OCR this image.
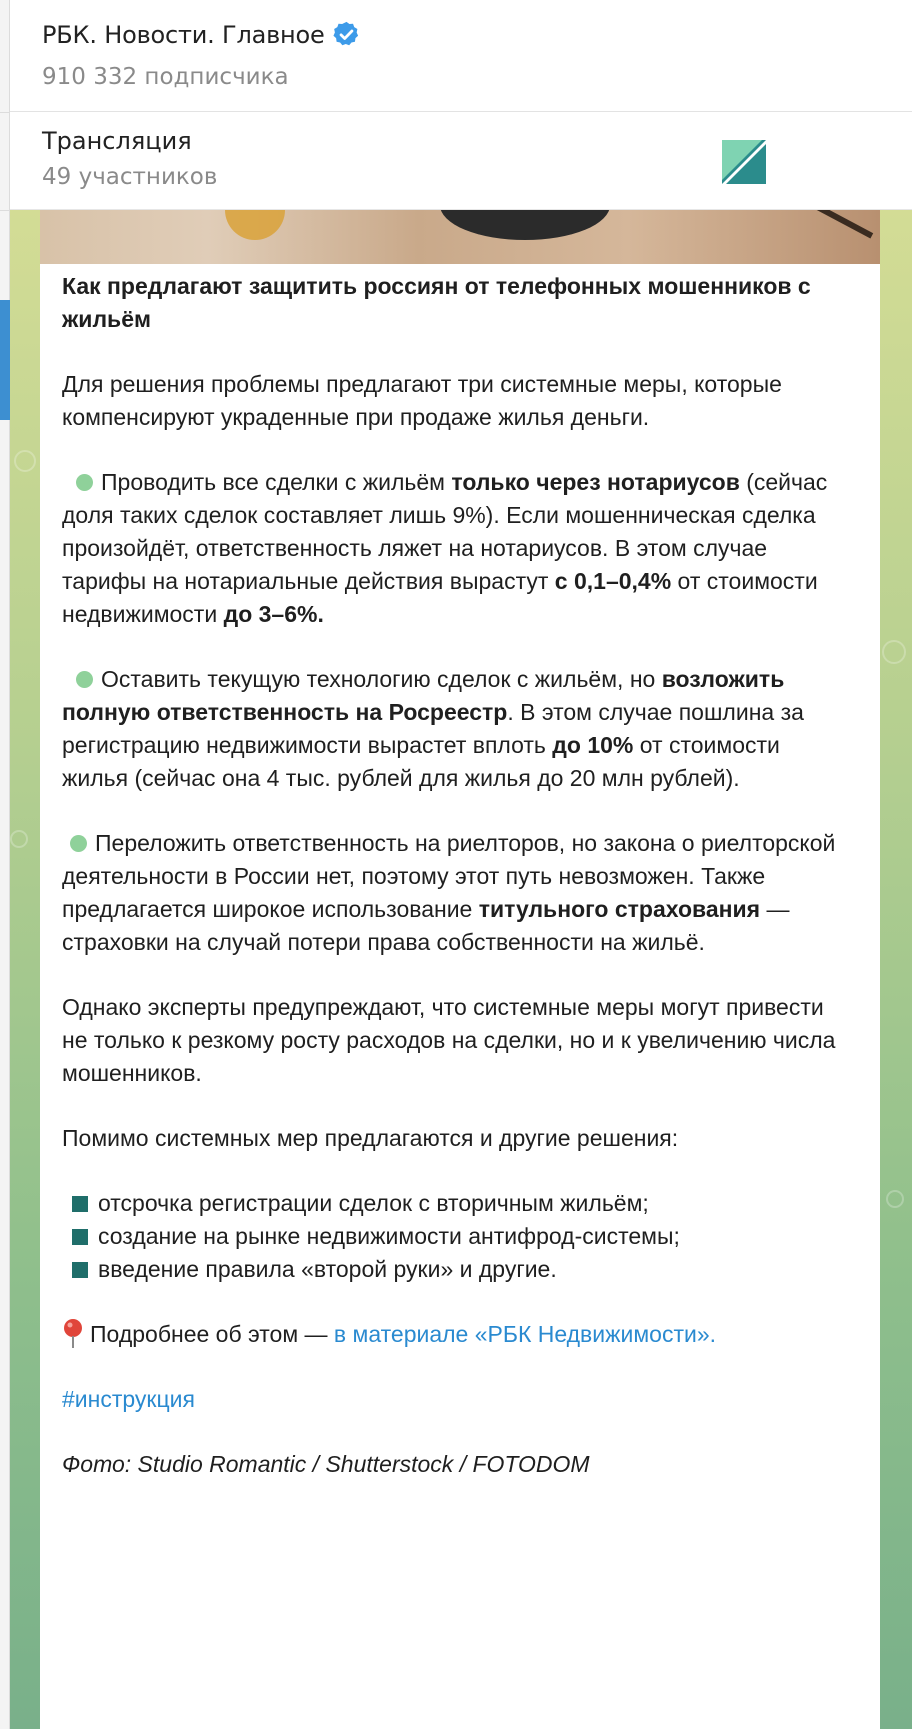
РБК. Новости. Главное
910 332 подписчика
Трансляция
49 участников

Как предлагают защитить россиян от телефонных мошенников с жильём

Для решения проблемы предлагают три системные меры, которые компенсируют украденные при продаже жилья деньги.

Проводить все сделки с жильём только через нотариусов (сейчас доля таких сделок составляет лишь 9%). Если мошенническая сделка произойдёт, ответственность ляжет на нотариусов. В этом случае тарифы на нотариальные действия вырастут с 0,1–0,4% от стоимости недвижимости до 3–6%.

Оставить текущую технологию сделок с жильём, но возложить полную ответственность на Росреестр. В этом случае пошлина за регистрацию недвижимости вырастет вплоть до 10% от стоимости жилья (сейчас она 4 тыс. рублей для жилья до 20 млн рублей).

Переложить ответственность на риелторов, но закона о риелторской деятельности в России нет, поэтому этот путь невозможен. Также предлагается широкое использование титульного страхования — страховки на случай потери права собственности на жильё.

Однако эксперты предупреждают, что системные меры могут привести не только к резкому росту расходов на сделки, но и к увеличению числа мошенников.

Помимо системных мер предлагаются и другие решения:

отсрочка регистрации сделок с вторичным жильём;
создание на рынке недвижимости антифрод-системы;
введение правила «второй руки» и другие.

Подробнее об этом — в материале «РБК Недвижимости».

#инструкция

Фото: Studio Romantic / Shutterstock / FOTODOM
